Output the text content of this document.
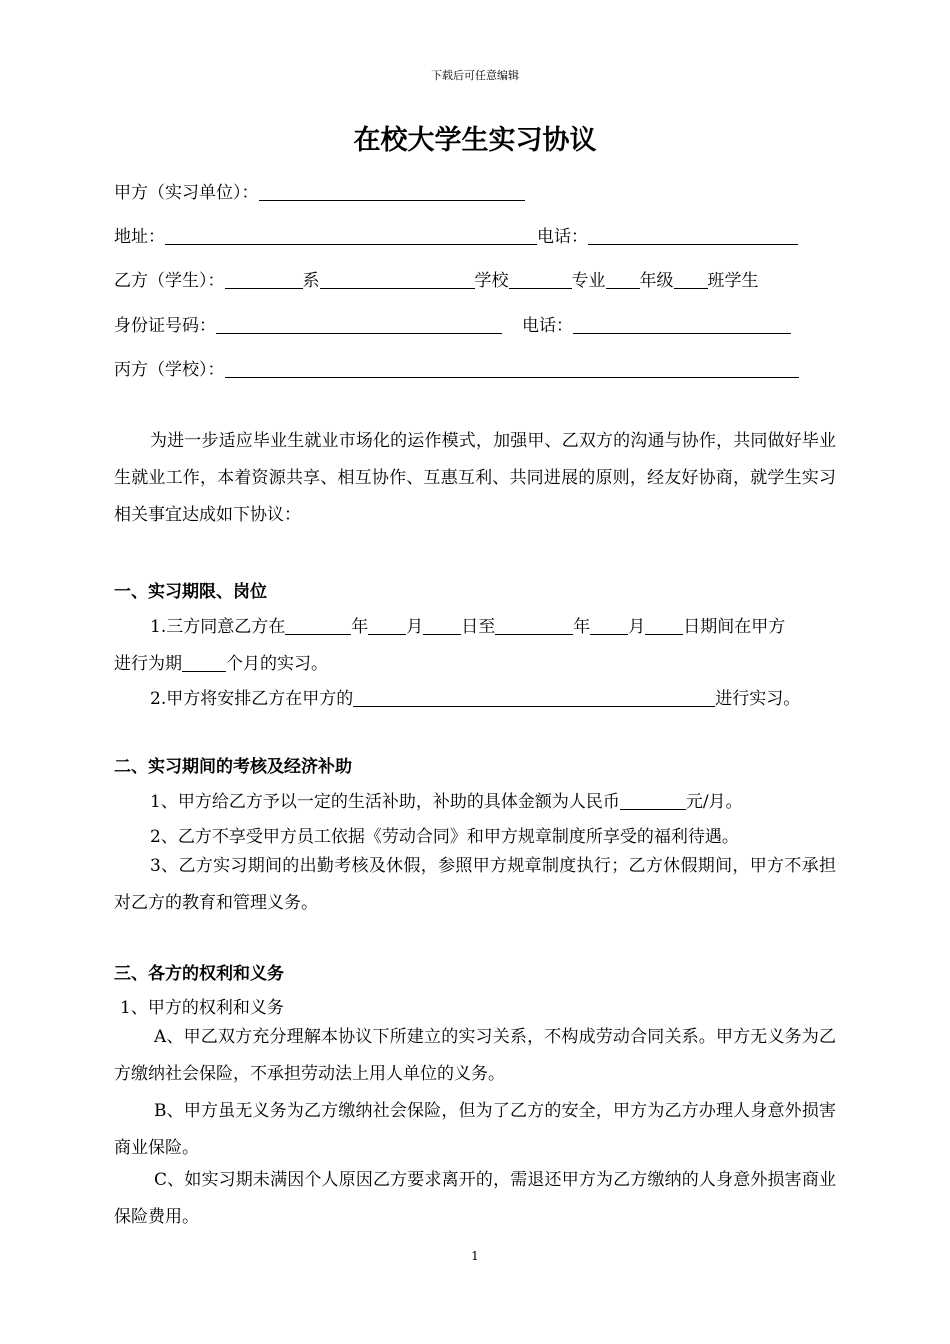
下载后可任意编辑
在校大学生实习协议
甲方（实习单位）：
地址：	电话：
乙方（学生）：	系	学校	专业 年级 班学生
身份证号码：	电话：
丙方（学校）：

为进一步适应毕业生就业市场化的运作模式，加强甲、乙双方的沟通与协作，共同做好毕业生就业工作，本着资源共享、相互协作、互惠互利、共同进展的原则，经友好协商，就学生实习相关事宜达成如下协议：

一、实习期限、岗位
1.三方同意乙方在	年 月 日至	年 月 日期间在甲方
进行为期	个月的实习。
2.甲方将安排乙方在甲方的	进行实习。
二、实习期间的考核及经济补助
1、甲方给乙方予以一定的生活补助，补助的具体金额为人民币	元/月。
2、乙方不享受甲方员工依据《劳动合同》和甲方规章制度所享受的福利待遇。

3、乙方实习期间的出勤考核及休假，参照甲方规章制度执行；乙方休假期间，甲方不承担对乙方的教育和管理义务。

三、各方的权利和义务
1、甲方的权利和义务

A、甲乙双方充分理解本协议下所建立的实习关系，不构成劳动合同关系。甲方无义务为乙方缴纳社会保险，不承担劳动法上用人单位的义务。

B、甲方虽无义务为乙方缴纳社会保险，但为了乙方的安全，甲方为乙方办理人身意外损害商业保险。

C、如实习期未满因个人原因乙方要求离开的，需退还甲方为乙方缴纳的人身意外损害商业保险费用。

1
